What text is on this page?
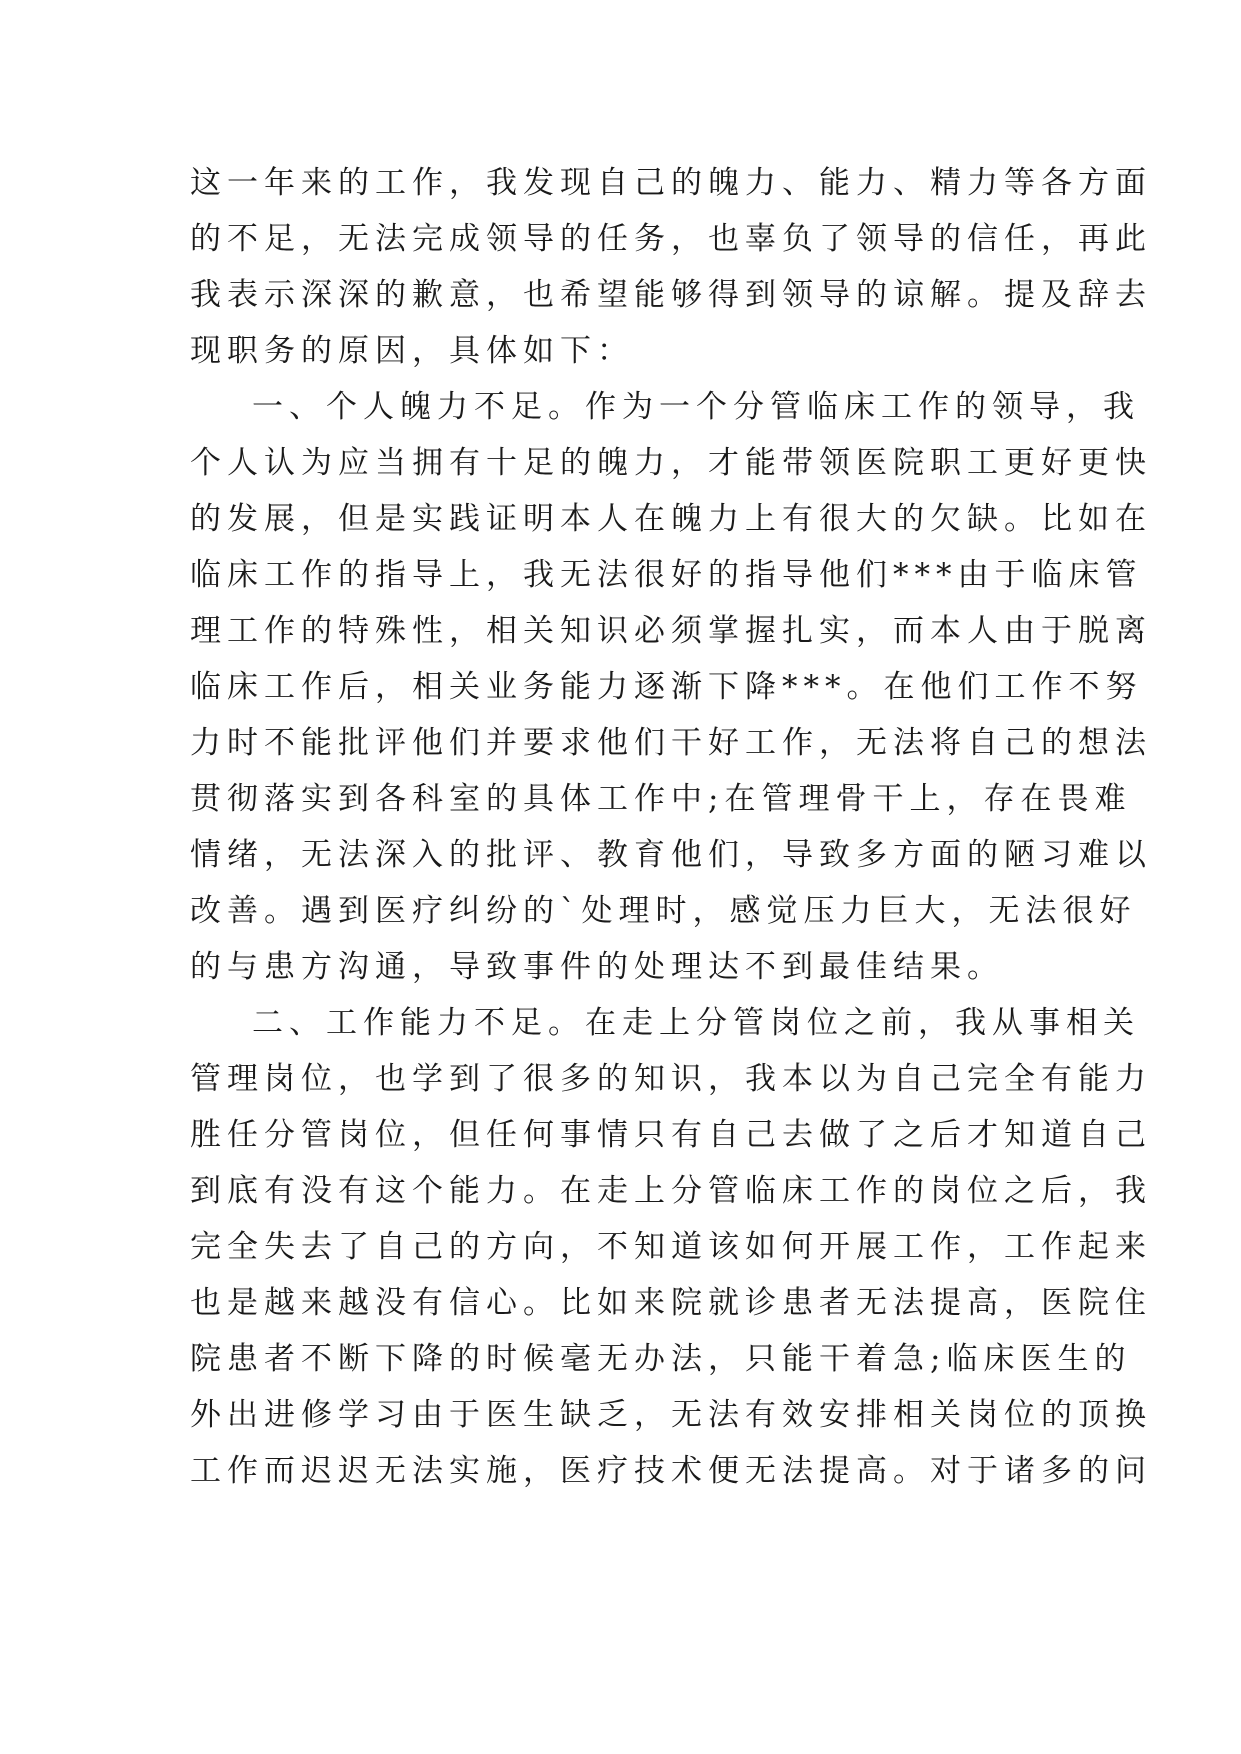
这一年来的工作，我发现自己的魄力、能力、精力等各方面
的不足，无法完成领导的任务，也辜负了领导的信任，再此
我表示深深的歉意，也希望能够得到领导的谅解。提及辞去
现职务的原因，具体如下：
一、个人魄力不足。作为一个分管临床工作的领导，我
个人认为应当拥有十足的魄力，才能带领医院职工更好更快
的发展，但是实践证明本人在魄力上有很大的欠缺。比如在
临床工作的指导上，我无法很好的指导他们***由于临床管
理工作的特殊性，相关知识必须掌握扎实，而本人由于脱离
临床工作后，相关业务能力逐渐下降***。在他们工作不努
力时不能批评他们并要求他们干好工作，无法将自己的想法
贯彻落实到各科室的具体工作中;在管理骨干上，存在畏难
情绪，无法深入的批评、教育他们，导致多方面的陋习难以
改善。遇到医疗纠纷的`处理时，感觉压力巨大，无法很好
的与患方沟通，导致事件的处理达不到最佳结果。
二、工作能力不足。在走上分管岗位之前，我从事相关
管理岗位，也学到了很多的知识，我本以为自己完全有能力
胜任分管岗位，但任何事情只有自己去做了之后才知道自己
到底有没有这个能力。在走上分管临床工作的岗位之后，我
完全失去了自己的方向，不知道该如何开展工作，工作起来
也是越来越没有信心。比如来院就诊患者无法提高，医院住
院患者不断下降的时候毫无办法，只能干着急;临床医生的
外出进修学习由于医生缺乏，无法有效安排相关岗位的顶换
工作而迟迟无法实施，医疗技术便无法提高。对于诸多的问
